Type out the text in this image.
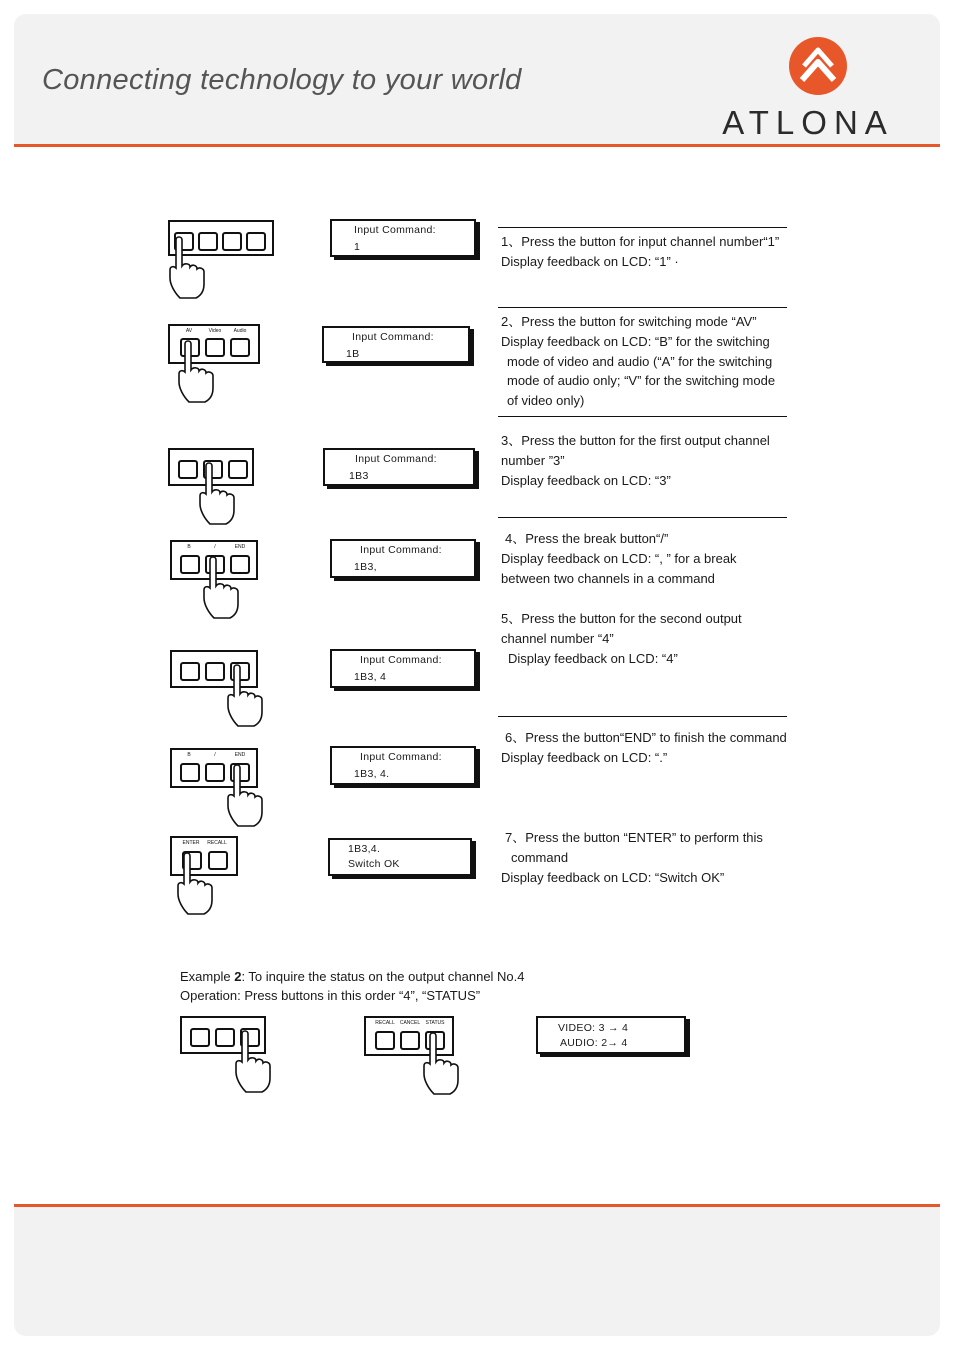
Connecting technology to your world
ATLONA
Input Command:
1	1、Press the button for input channel number“1”
Display feedback on LCD: “1” ·
AV	Video	Audio	Input Command:
1B
2、Press the button for switching mode “AV”
Display feedback on LCD: “B” for the switching
mode of video and audio (“A” for the switching
mode of audio only; “V” for the switching mode
of video only)
Input Command:
1B3
3、Press the button for the first output channel
number ”3”
Display feedback on LCD: “3”
B	/	END	Input Command:
1B3,
4、Press the break button“/”
Display feedback on LCD: “, ” for a break
between two channels in a command
Input Command:
1B3, 4
5、Press the button for the second output
channel number “4”
Display feedback on LCD: “4”
B	/	END	Input Command:
1B3, 4.
6、Press the button“END” to finish the command
Display feedback on LCD: “.”
ENTER	RECALL	1B3,4.
Switch OK
7、Press the button “ENTER” to perform this
command
Display feedback on LCD: “Switch OK”
Example 2: To inquire the status on the output channel No.4
Operation: Press buttons in this order “4”, “STATUS”
RECALL	CANCEL	STATUS	VIDEO: 3 → 4
AUDIO: 2→ 4
